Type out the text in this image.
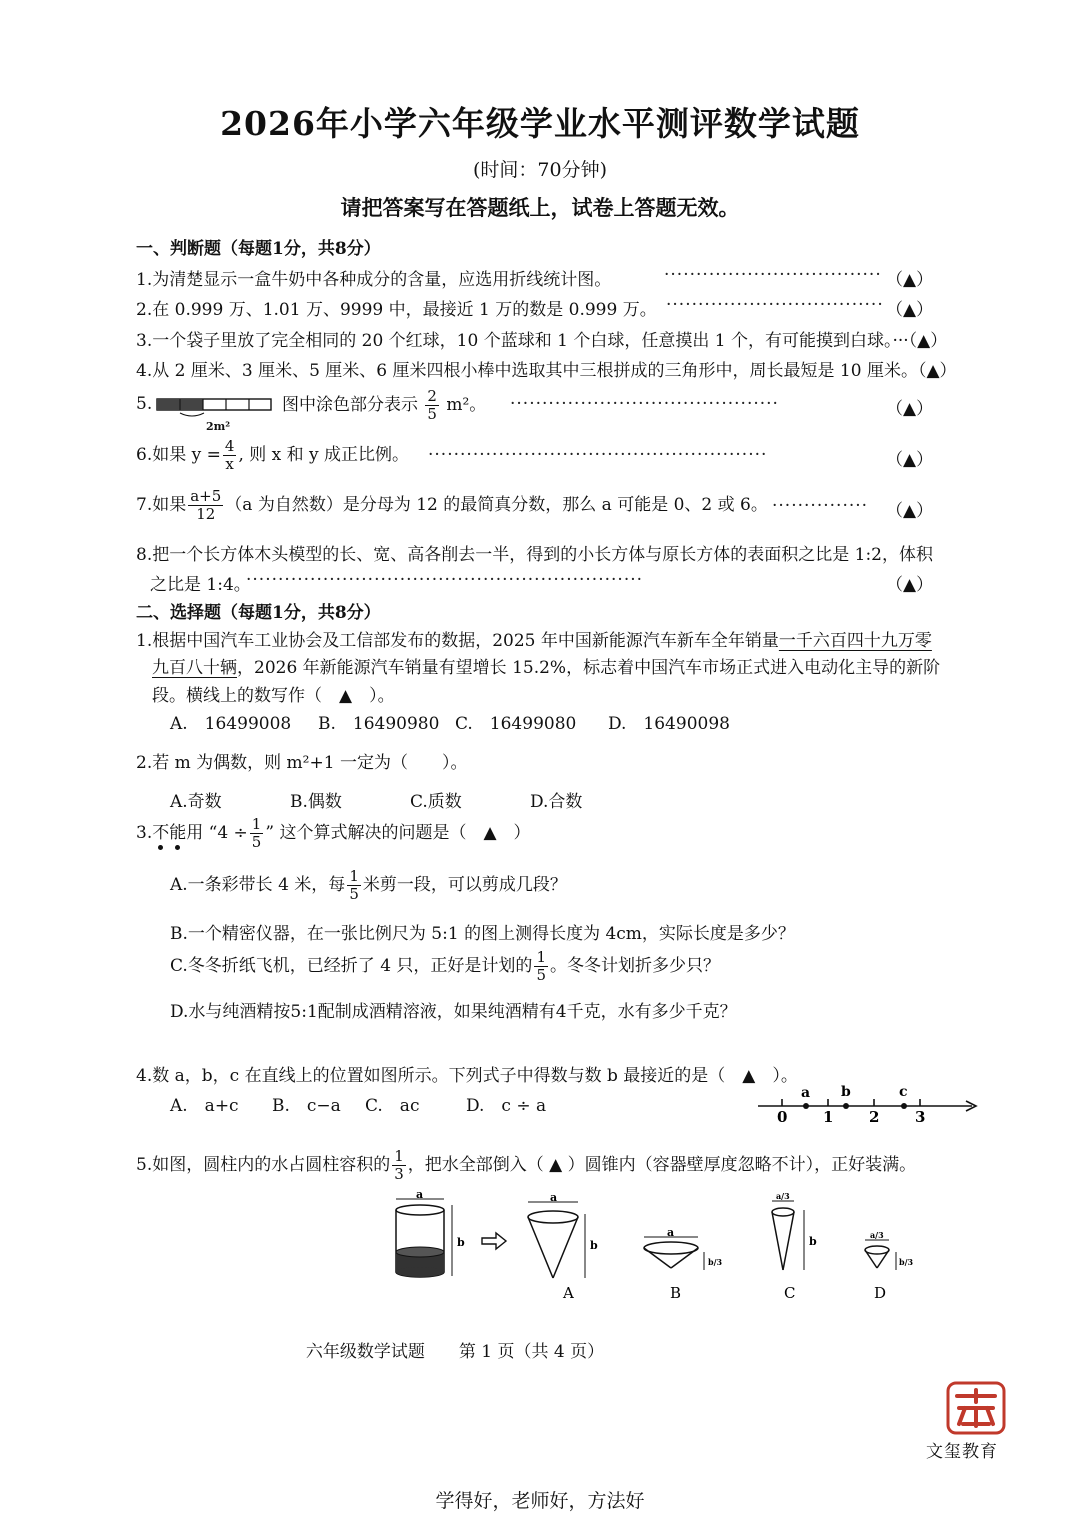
2026年小学六年级学业水平测评数学试题
(时间：70分钟)
请把答案写在答题纸上，试卷上答题无效。
一、判断题（每题1分，共8分）
1.为清楚显示一盒牛奶中各种成分的含量，应选用折线统计图。	·································· （▲）
2.在 0.999 万、1.01 万、9999 中，最接近 1 万的数是 0.999 万。 ·································· （▲）
3.一个袋子里放了完全相同的 20 个红球，10 个蓝球和 1 个白球，任意摸出 1 个，有可能摸到白球。···（▲）
4.从 2 厘米、3 厘米、5 厘米、6 厘米四根小棒中选取其中三根拼成的三角形中，周长最短是 10 厘米。（▲）
5.
2m²
图中涂色部分表示 $\frac{2}{5} m^2$。 ··········································	（▲）
6.如果 $y = \frac{4}{x}$ , 则 x 和 y 成正比例。 ·····················································	（▲）
7.如果 $\frac{a+5}{12} (a$ 为自然数）是分母为 12 的最简真分数，那么 a 可能是 0、2 或 6。 ··············· （▲）
8.把一个长方体木头模型的长、宽、高各削去一半，得到的小长方体与原长方体的表面积之比是 1:2，体积
之比是 1:4。
······························································	（▲）
二、选择题（每题1分，共8分）
1.根据中国汽车工业协会及工信部发布的数据，2025 年中国新能源汽车新车全年销量一千六百四十九万零
九百八十辆，2026 年新能源汽车销量有望增长 15.2%，标志着中国汽车市场正式进入电动化主导的新阶
段。横线上的数写作（　▲　）。
A.　16499008 B.　16490980 C.　16499080 D.　16490098
2.若 m 为偶数，则 m²+1 一定为（　　）。
A.奇数	B.偶数	C.质数	D.合数
3.不能用 “$4 \div \frac{1}{5}$ ” 这个算式解决的问题是（　▲　）
A.一条彩带长 4 米，每 $\frac{1}{5}$ 米剪一段，可以剪成几段？
B.一个精密仪器，在一张比例尺为 5:1 的图上测得长度为 4cm，实际长度是多少？
C.冬冬折纸飞机，已经折了 4 只，正好是计划的 $\frac{1}{5}$ 。冬冬计划折多少只？
D.水与纯酒精按5:1配制成酒精溶液，如果纯酒精有4千克，水有多少千克？
4.数 a，b，c 在直线上的位置如图所示。下列式子中得数与数 b 最接近的是（　▲　）。
A.　a+c B.　c−a C.　ac	D.　c ÷ a
0 1 2 3
a b	c
5.如图，圆柱内的水占圆柱容积的 $\frac{1}{3}$ ，把水全部倒入（ ▲ ）圆锥内（容器壁厚度忽略不计），正好装满。
a
b
a
b
A
a
b/3
B
a/3
b
C
a/3
b/3
D
六年级数学试题　　第 1 页（共 4 页）
文玺教育
学得好，老师好，方法好
